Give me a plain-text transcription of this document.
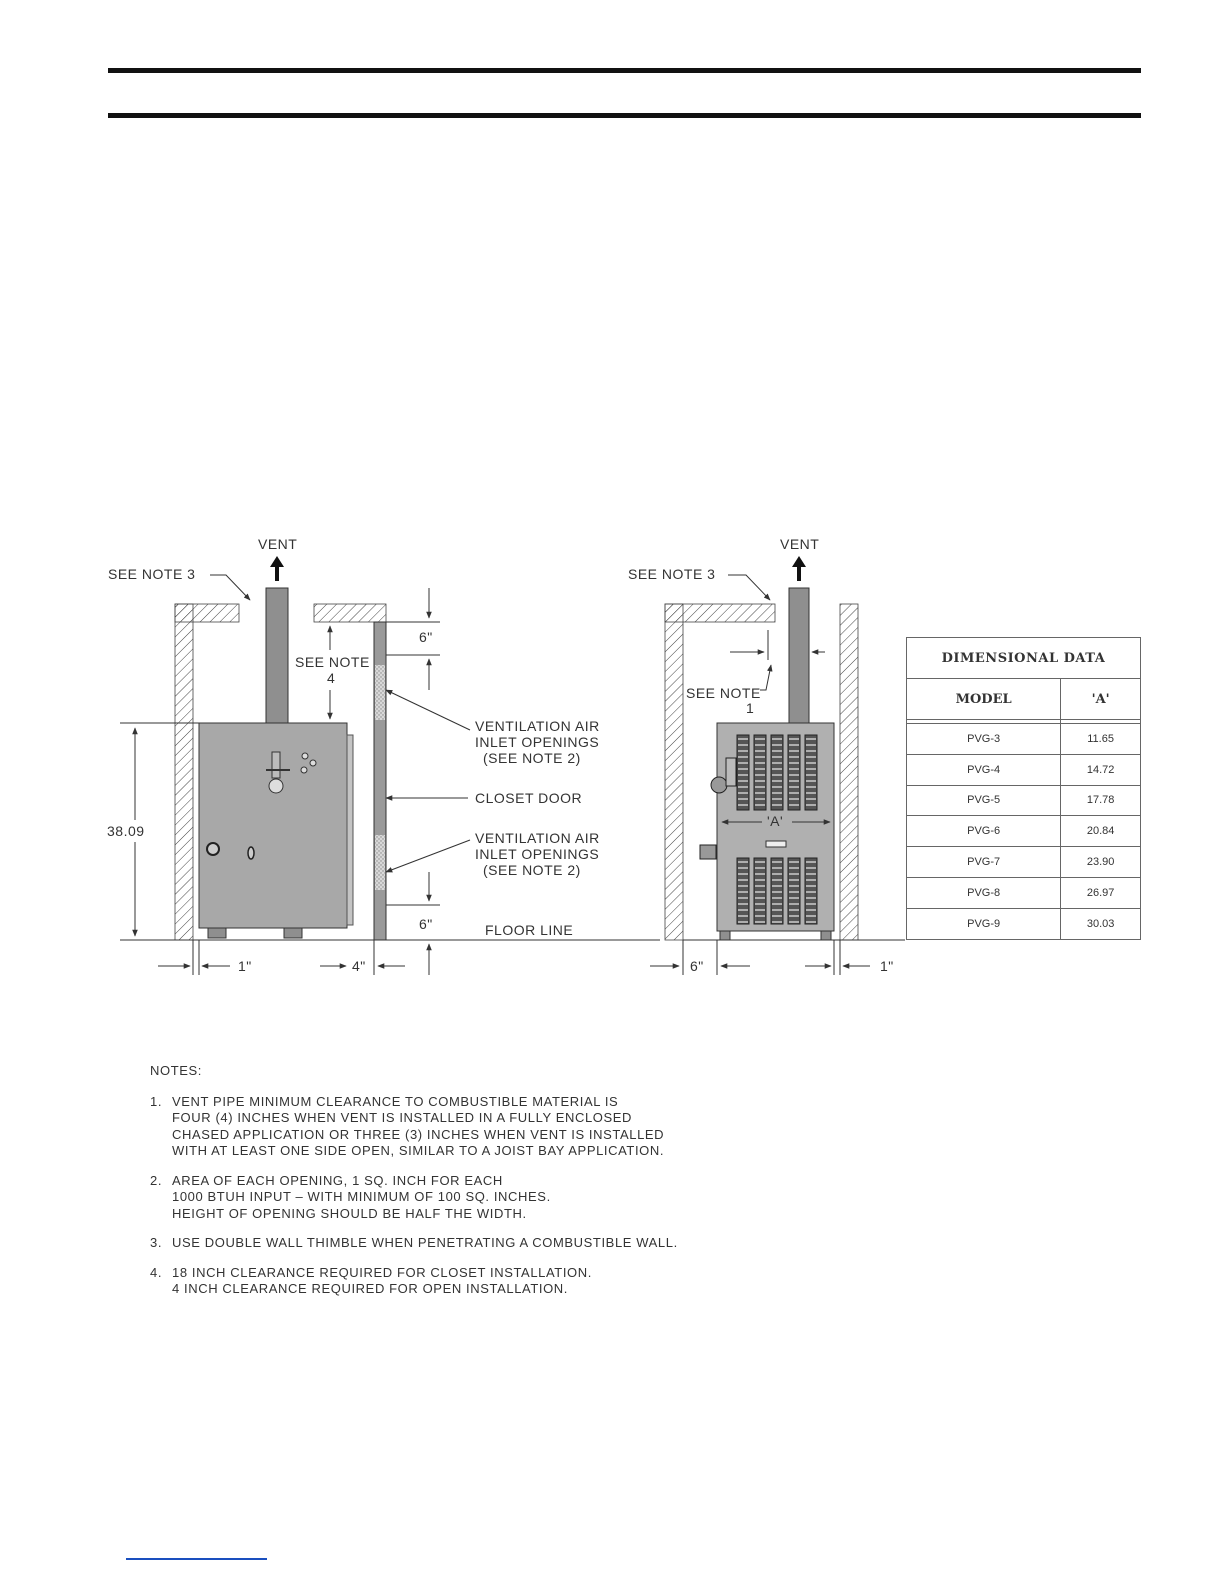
38.09
SEE NOTE 3
VENT
SEE NOTE
4
6"
6"
VENTILATION AIR
INLET OPENINGS
(SEE NOTE 2)
CLOSET DOOR
VENTILATION AIR
INLET OPENINGS
(SEE NOTE 2)
FLOOR LINE
1"	4"
SEE NOTE 3
VENT
SEE NOTE
1
'A'
6"	1"
DIMENSIONAL DATA	
MODEL	'A'

PVG-3	11.65
PVG-4	14.72
PVG-5	17.78
PVG-6	20.84
PVG-7	23.90
PVG-8	26.97
PVG-9	30.03
NOTES:
1. VENT PIPE MINIMUM CLEARANCE TO COMBUSTIBLE MATERIAL IS
FOUR (4) INCHES WHEN VENT IS INSTALLED IN A FULLY ENCLOSED
CHASED APPLICATION OR THREE (3) INCHES WHEN VENT IS INSTALLED
WITH AT LEAST ONE SIDE OPEN, SIMILAR TO A JOIST BAY APPLICATION.
2. AREA OF EACH OPENING, 1 SQ. INCH FOR EACH
1000 BTUH INPUT – WITH MINIMUM OF 100 SQ. INCHES.
HEIGHT OF OPENING SHOULD BE HALF THE WIDTH.
3. USE DOUBLE WALL THIMBLE WHEN PENETRATING A COMBUSTIBLE WALL.
4. 18 INCH CLEARANCE REQUIRED FOR CLOSET INSTALLATION.
4 INCH CLEARANCE REQUIRED FOR OPEN INSTALLATION.
